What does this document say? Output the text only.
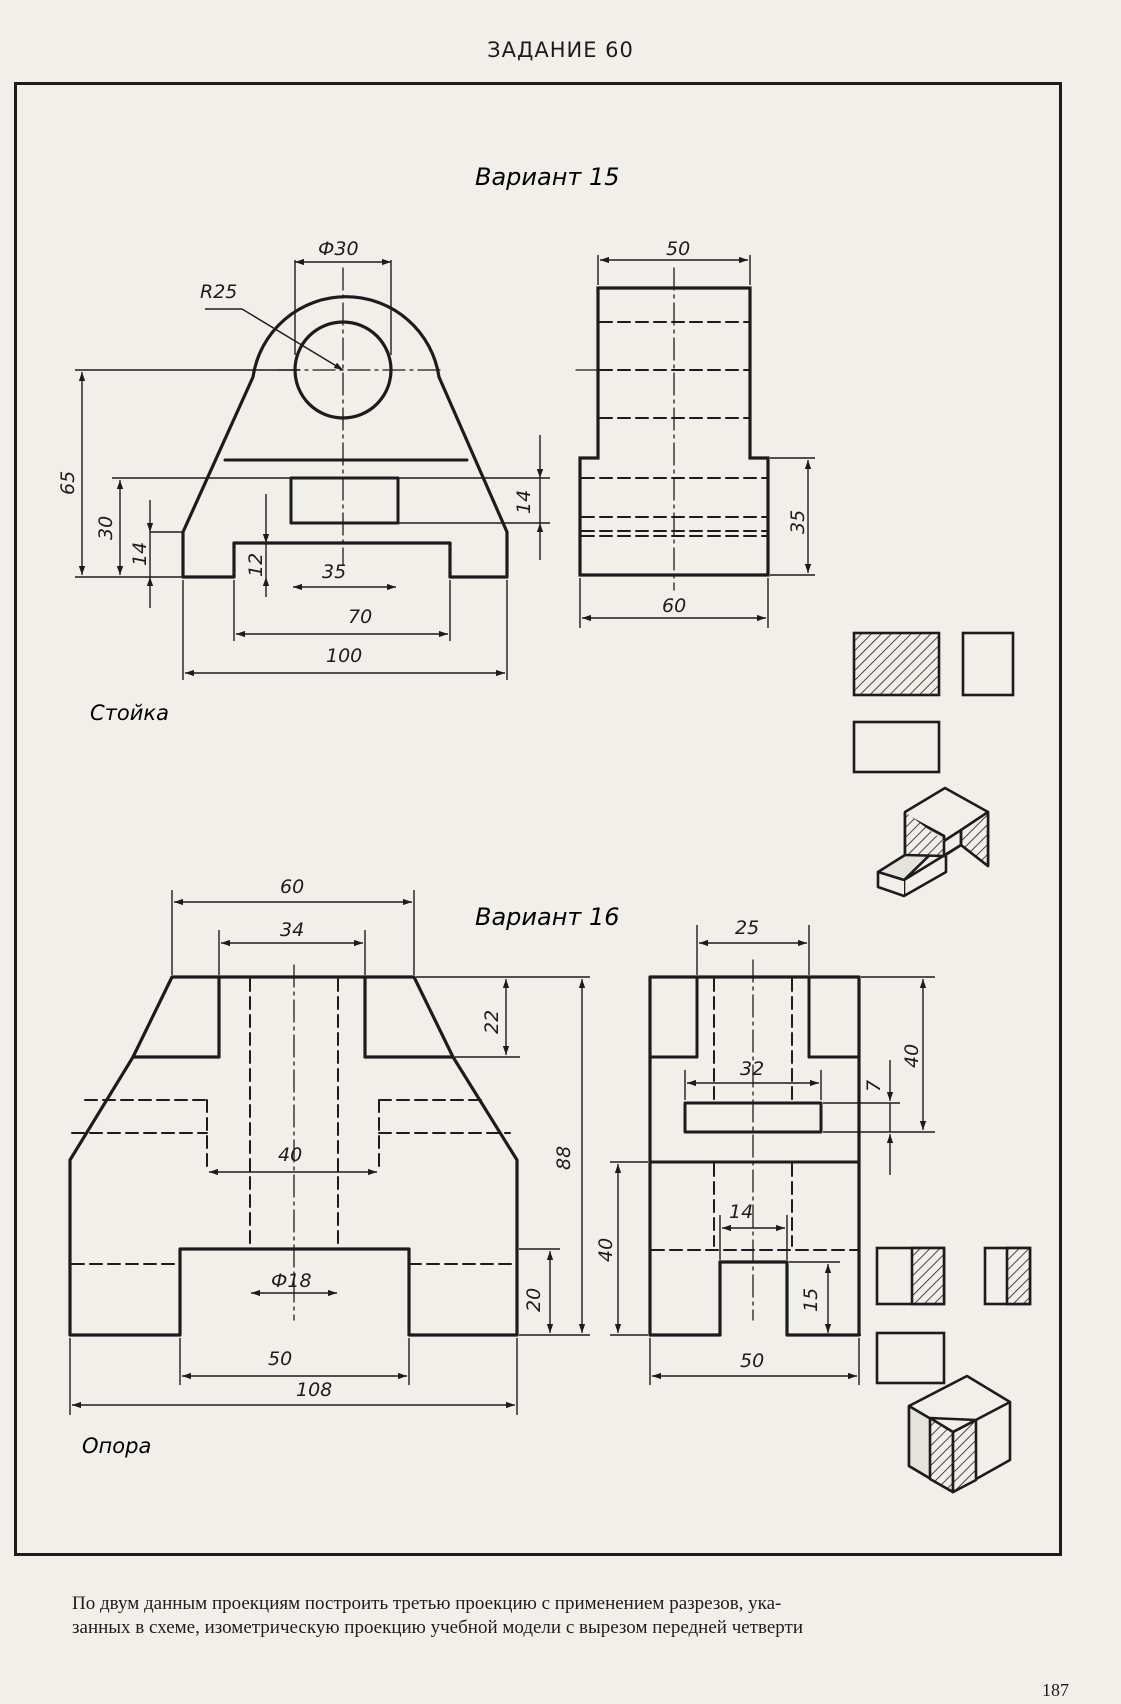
ЗАДАНИЕ 60
Вариант 15
Ф30
R25
65
30
14	12	35
70
100
14
Стойка
50
35
60
Вариант 16
60
34
22
40
Ф18
88
20
50
108
Опора
25
32
40
7
40
14
15
50
По двум данным проекциям построить третью проекцию с применением разрезов, ука-
занных в схеме, изометрическую проекцию учебной модели с вырезом передней четверти
187
